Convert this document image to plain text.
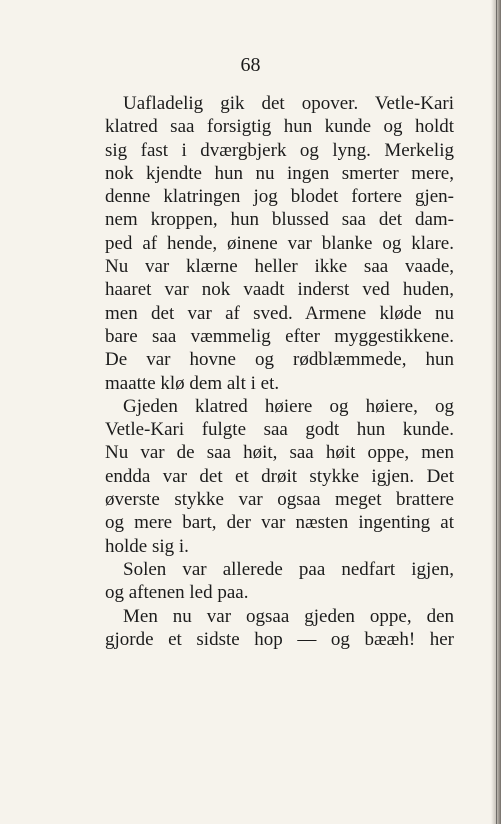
68
Uafladelig gik det opover. Vetle-Kari
klatred saa forsigtig hun kunde og holdt
sig fast i dværgbjerk og lyng. Merkelig
nok kjendte hun nu ingen smerter mere,
denne klatringen jog blodet fortere gjen-
nem kroppen, hun blussed saa det dam-
ped af hende, øinene var blanke og klare.
Nu var klærne heller ikke saa vaade,
haaret var nok vaadt inderst ved huden,
men det var af sved. Armene kløde nu
bare saa væmmelig efter myggestikkene.
De var hovne og rødblæmmede, hun
maatte klø dem alt i et.
Gjeden klatred høiere og høiere, og
Vetle-Kari fulgte saa godt hun kunde.
Nu var de saa høit, saa høit oppe, men
endda var det et drøit stykke igjen. Det
øverste stykke var ogsaa meget brattere
og mere bart, der var næsten ingenting at
holde sig i.
Solen var allerede paa nedfart igjen,
og aftenen led paa.
Men nu var ogsaa gjeden oppe, den
gjorde et sidste hop — og bææh! her
